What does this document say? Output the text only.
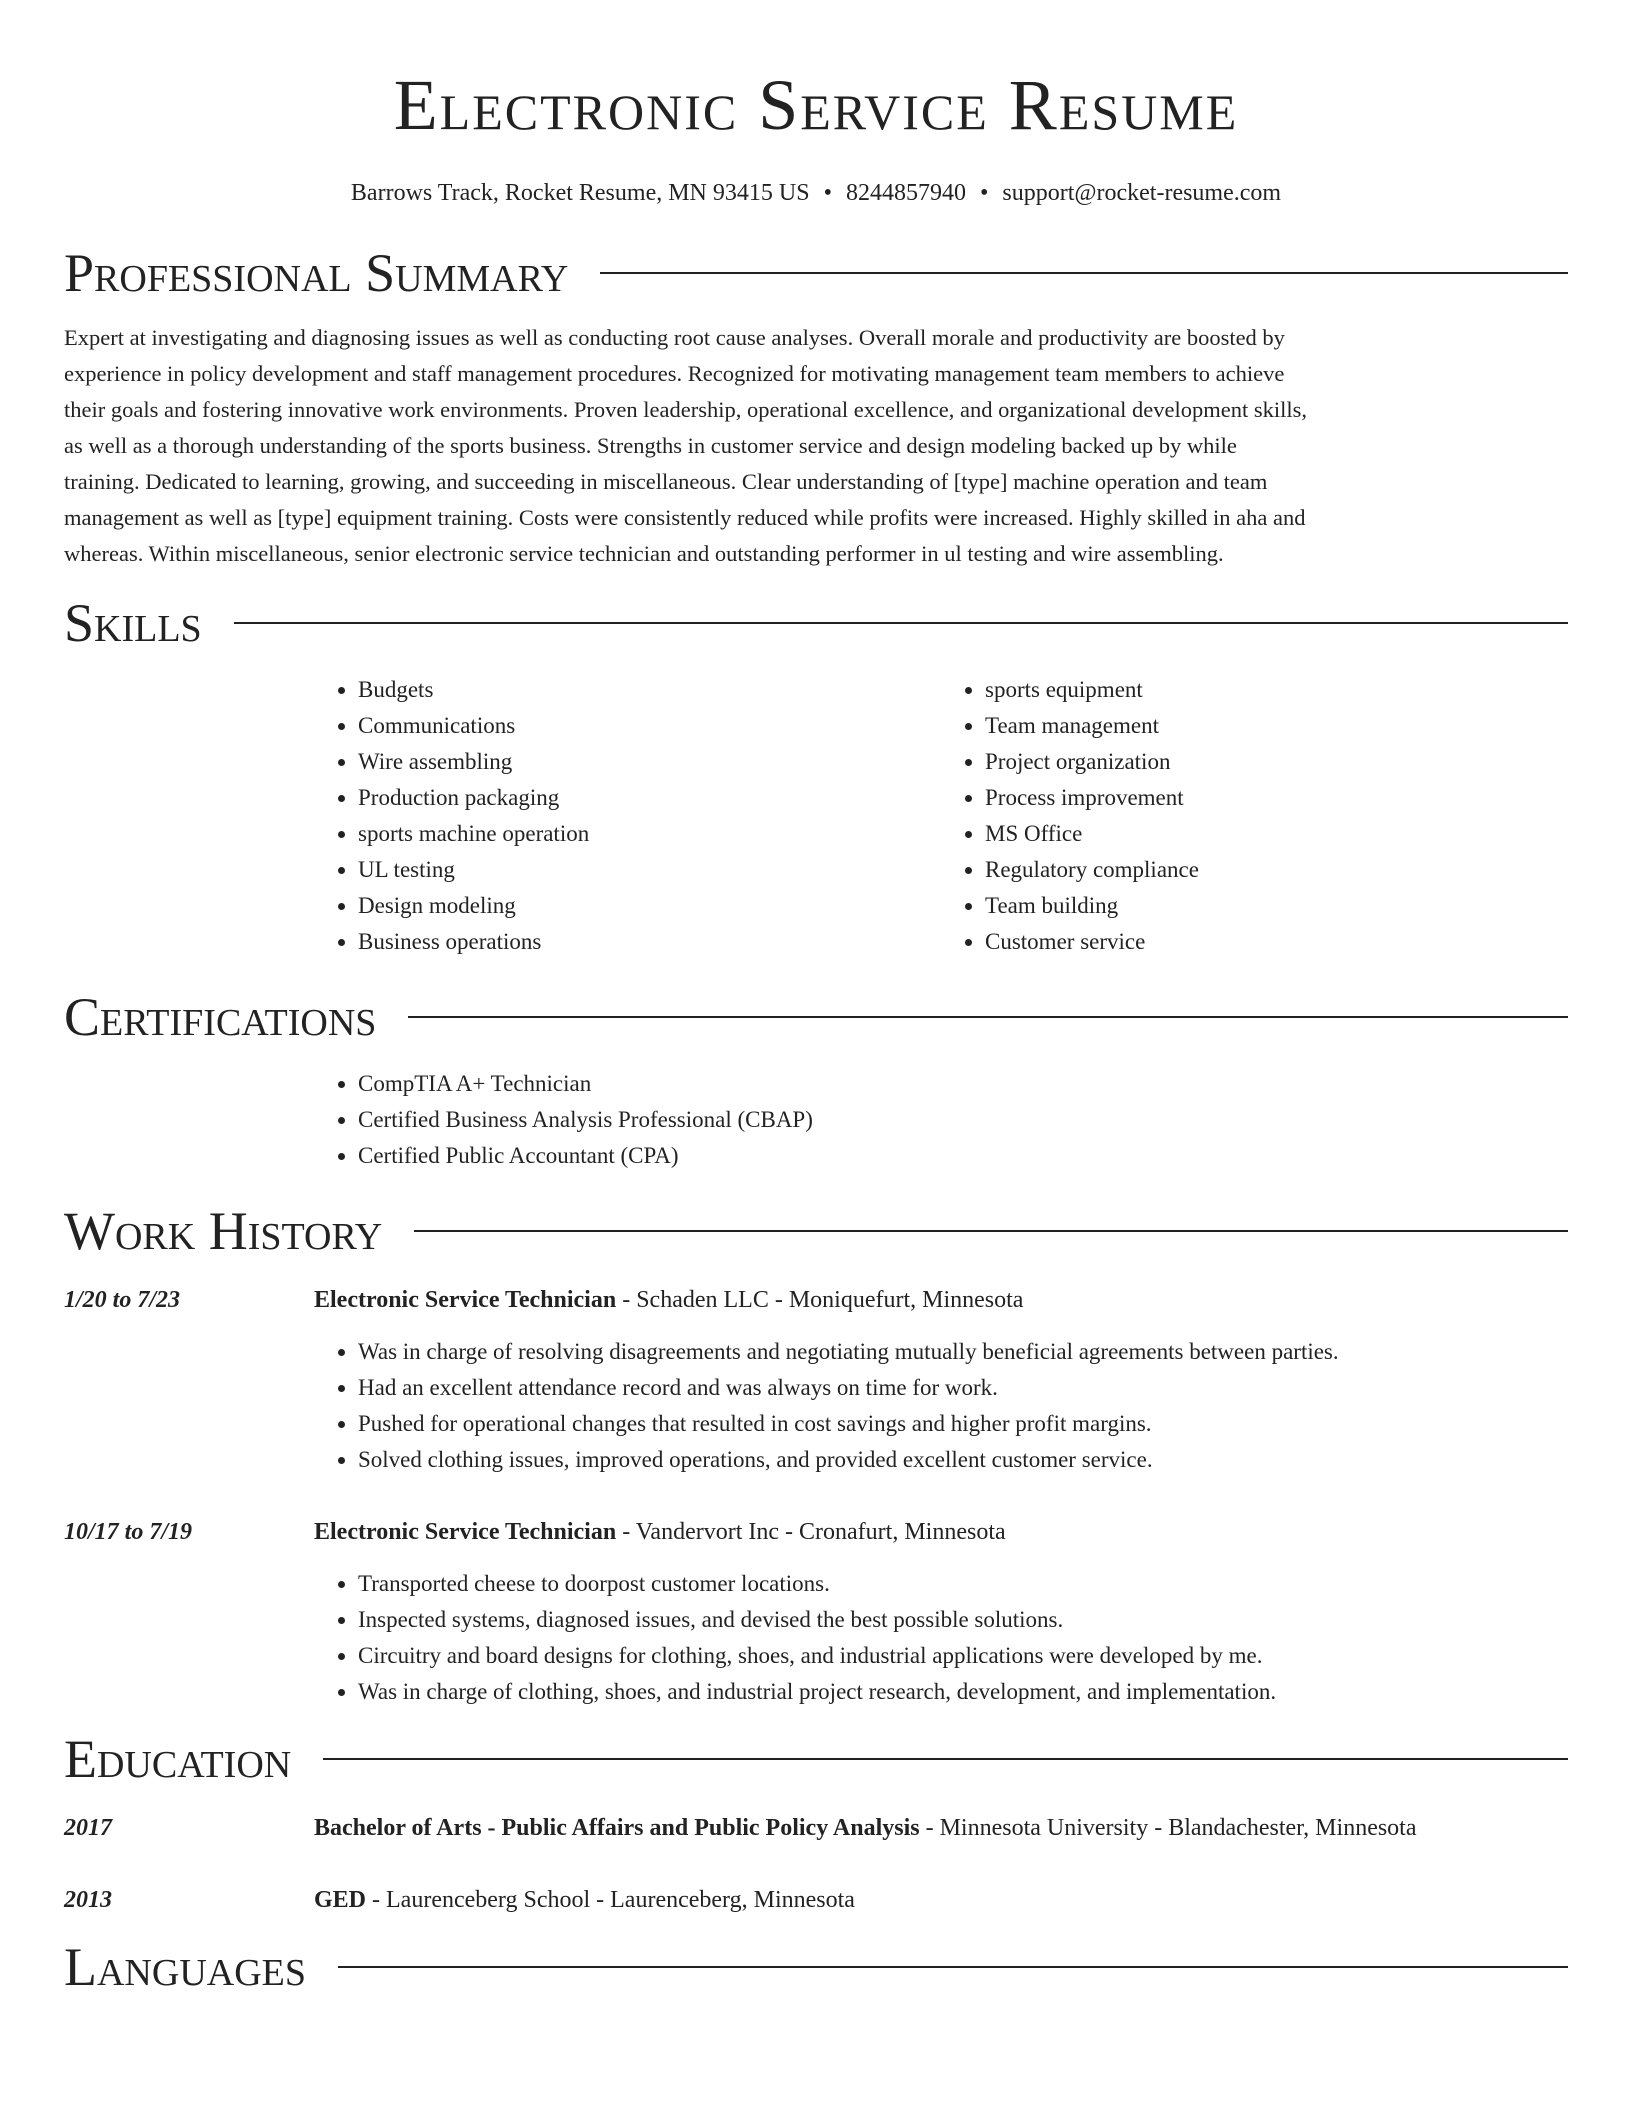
Electronic Service Resume
Barrows Track, Rocket Resume, MN 93415 US • 8244857940 • support@rocket-resume.com
Professional Summary

Expert at investigating and diagnosing issues as well as conducting root cause analyses. Overall morale and productivity are boosted by experience in policy development and staff management procedures. Recognized for motivating management team members to achieve their goals and fostering innovative work environments. Proven leadership, operational excellence, and organizational development skills, as well as a thorough understanding of the sports business. Strengths in customer service and design modeling backed up by while training. Dedicated to learning, growing, and succeeding in miscellaneous. Clear understanding of [type] machine operation and team management as well as [type] equipment training. Costs were consistently reduced while profits were increased. Highly skilled in aha and whereas. Within miscellaneous, senior electronic service technician and outstanding performer in ul testing and wire assembling.

Skills
• Budgets
• Communications
• Wire assembling
• Production packaging
• sports machine operation
• UL testing
• Design modeling
• Business operations
• sports equipment
• Team management
• Project organization
• Process improvement
• MS Office
• Regulatory compliance
• Team building
• Customer service
Certifications
• CompTIA A+ Technician
• Certified Business Analysis Professional (CBAP)
• Certified Public Accountant (CPA)
Work History
1/20 to 7/23	Electronic Service Technician - Schaden LLC - Moniquefurt, Minnesota
• Was in charge of resolving disagreements and negotiating mutually beneficial agreements between parties.
• Had an excellent attendance record and was always on time for work.
• Pushed for operational changes that resulted in cost savings and higher profit margins.
• Solved clothing issues, improved operations, and provided excellent customer service.
10/17 to 7/19	Electronic Service Technician - Vandervort Inc - Cronafurt, Minnesota
• Transported cheese to doorpost customer locations.
• Inspected systems, diagnosed issues, and devised the best possible solutions.
• Circuitry and board designs for clothing, shoes, and industrial applications were developed by me.
• Was in charge of clothing, shoes, and industrial project research, development, and implementation.
Education
2017	Bachelor of Arts - Public Affairs and Public Policy Analysis - Minnesota University - Blandachester, Minnesota
2013	GED - Laurenceberg School - Laurenceberg, Minnesota
Languages
